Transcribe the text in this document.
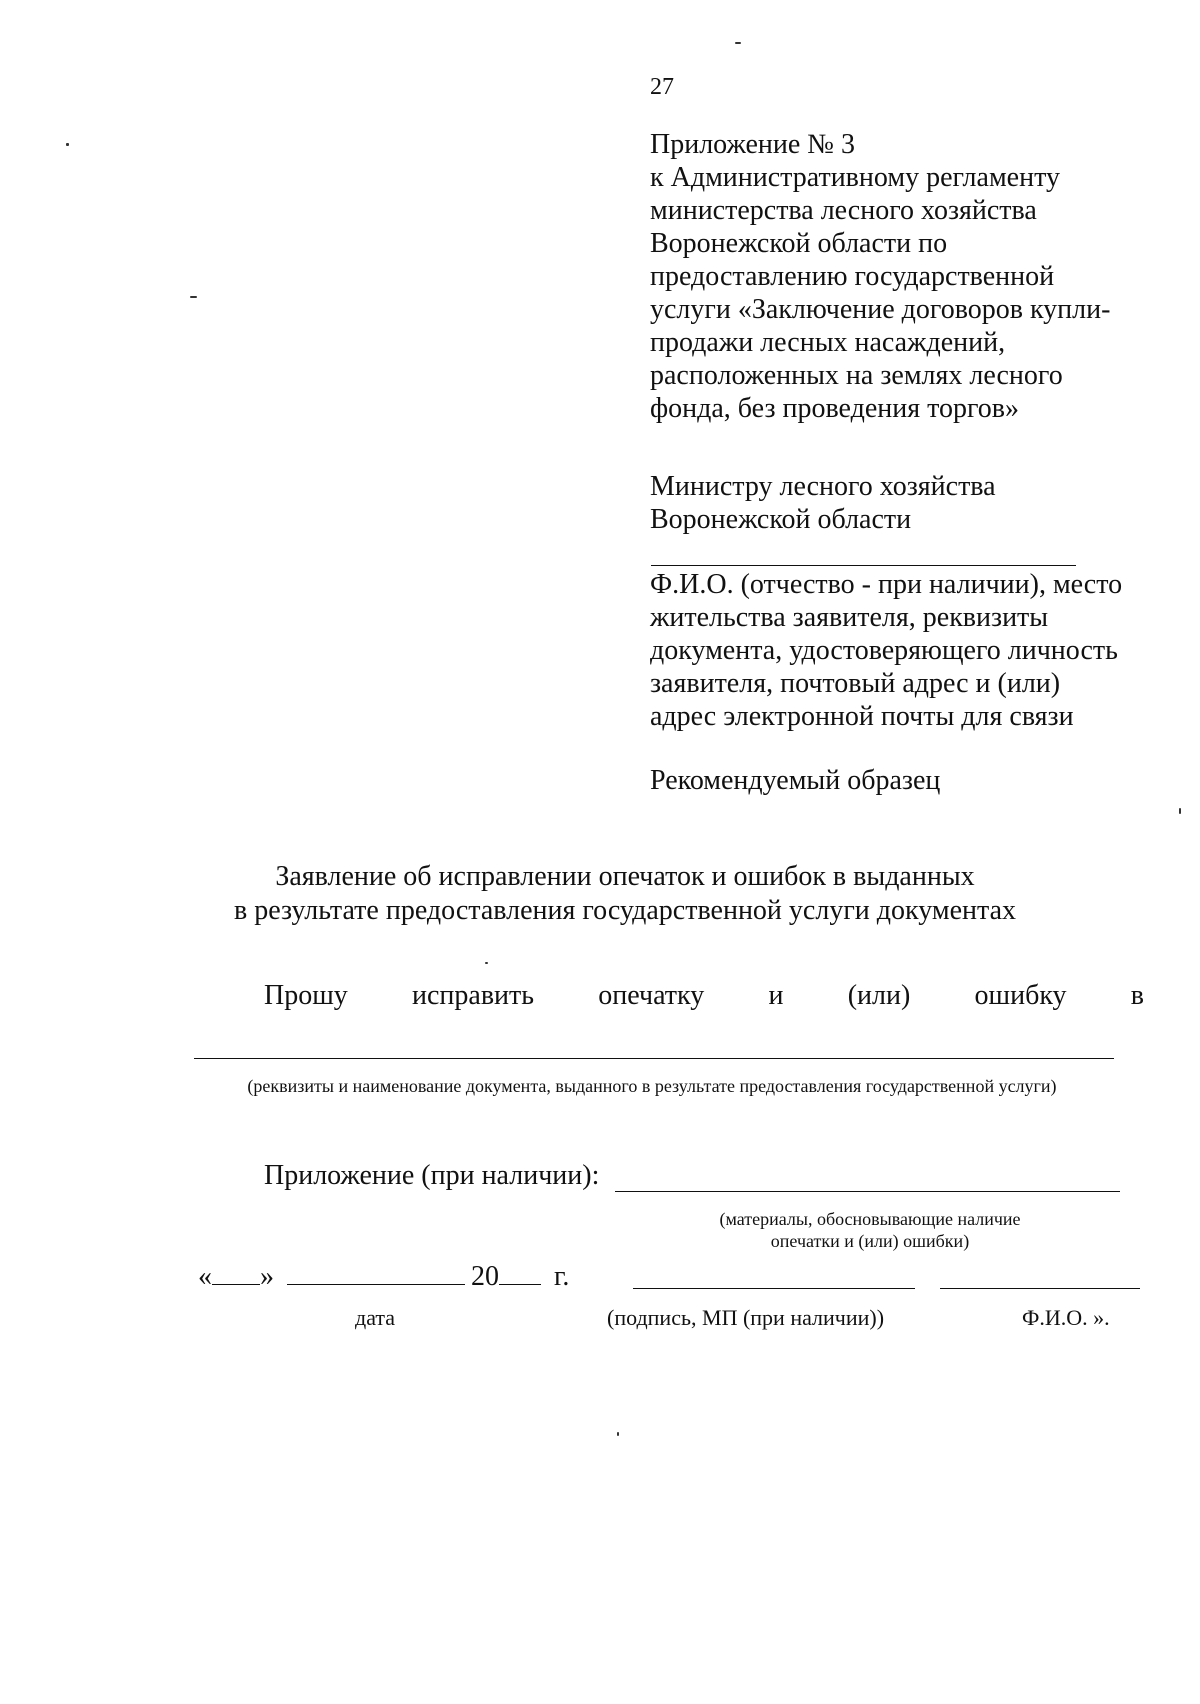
27
Приложение № 3
к Административному регламенту
министерства лесного хозяйства
Воронежской области по
предоставлению государственной
услуги «Заключение договоров купли-
продажи лесных насаждений,
расположенных на землях лесного
фонда, без проведения торгов»
Министру лесного хозяйства
Воронежской области
Ф.И.О. (отчество - при наличии), место
жительства заявителя, реквизиты
документа, удостоверяющего личность
заявителя, почтовый адрес и (или)
адрес электронной почты для связи
Рекомендуемый образец
Заявление об исправлении опечаток и ошибок в выданных
в результате предоставления государственной услуги документах
Прошу исправить опечатку и (или) ошибку в
(реквизиты и наименование документа, выданного в результате предоставления государственной услуги)
Приложение (при наличии):
(материалы, обосновывающие наличие
опечатки и (или) ошибки)
« »	20 г.
дата	(подпись, МП (при наличии))	Ф.И.О. ».
